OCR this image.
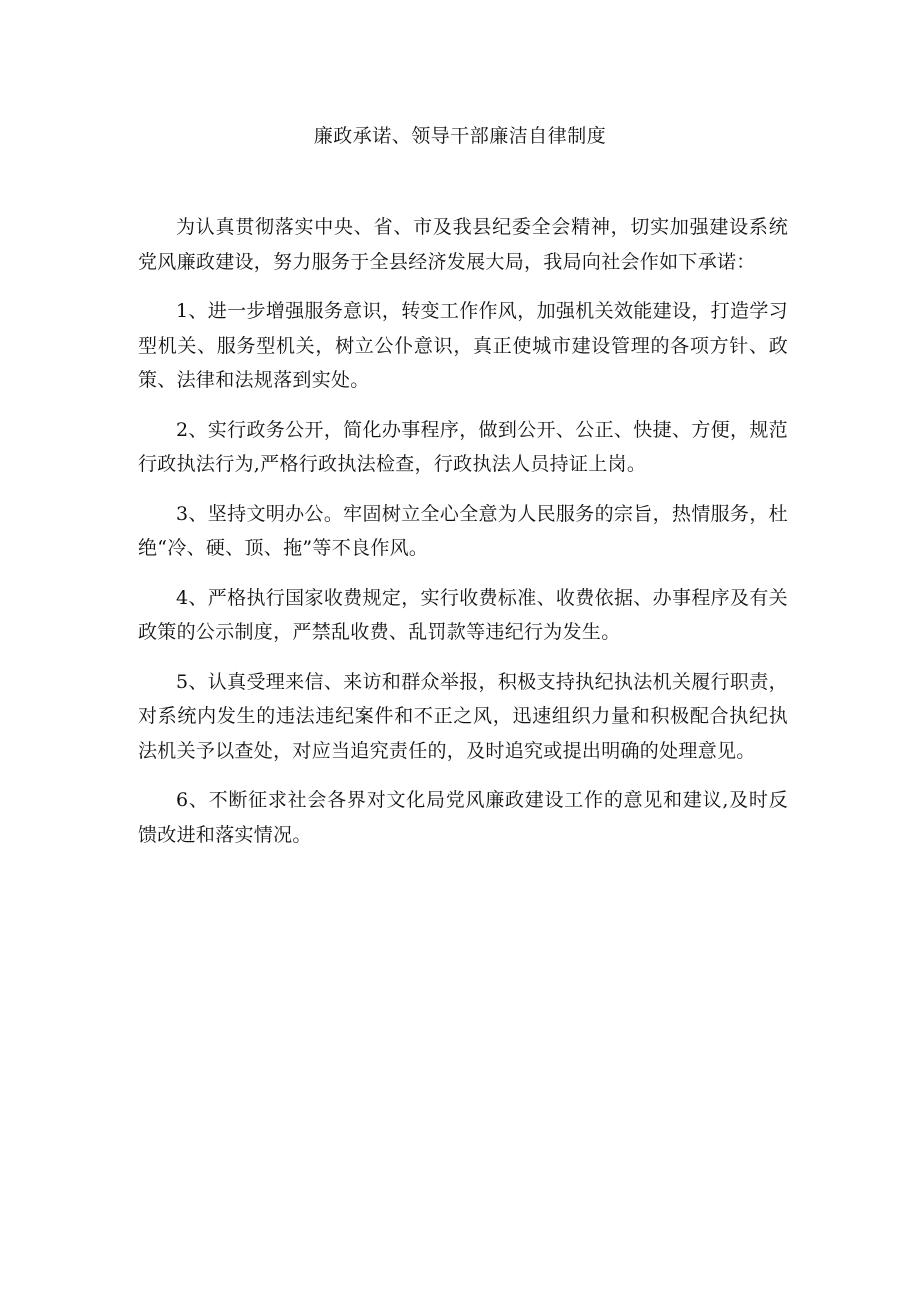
廉政承诺、领导干部廉洁自律制度

为认真贯彻落实中央、省、市及我县纪委全会精神，切实加强建设系统党风廉政建设，努力服务于全县经济发展大局，我局向社会作如下承诺：

1、进一步增强服务意识，转变工作作风，加强机关效能建设，打造学习型机关、服务型机关，树立公仆意识，真正使城市建设管理的各项方针、政策、法律和法规落到实处。

2、实行政务公开，简化办事程序，做到公开、公正、快捷、方便，规范行政执法行为,严格行政执法检查，行政执法人员持证上岗。

3、坚持文明办公。牢固树立全心全意为人民服务的宗旨，热情服务，杜绝“冷、硬、顶、拖”等不良作风。

4、严格执行国家收费规定，实行收费标准、收费依据、办事程序及有关政策的公示制度，严禁乱收费、乱罚款等违纪行为发生。

5、认真受理来信、来访和群众举报，积极支持执纪执法机关履行职责，对系统内发生的违法违纪案件和不正之风，迅速组织力量和积极配合执纪执法机关予以查处，对应当追究责任的，及时追究或提出明确的处理意见。

6、不断征求社会各界对文化局党风廉政建设工作的意见和建议,及时反馈改进和落实情况。
